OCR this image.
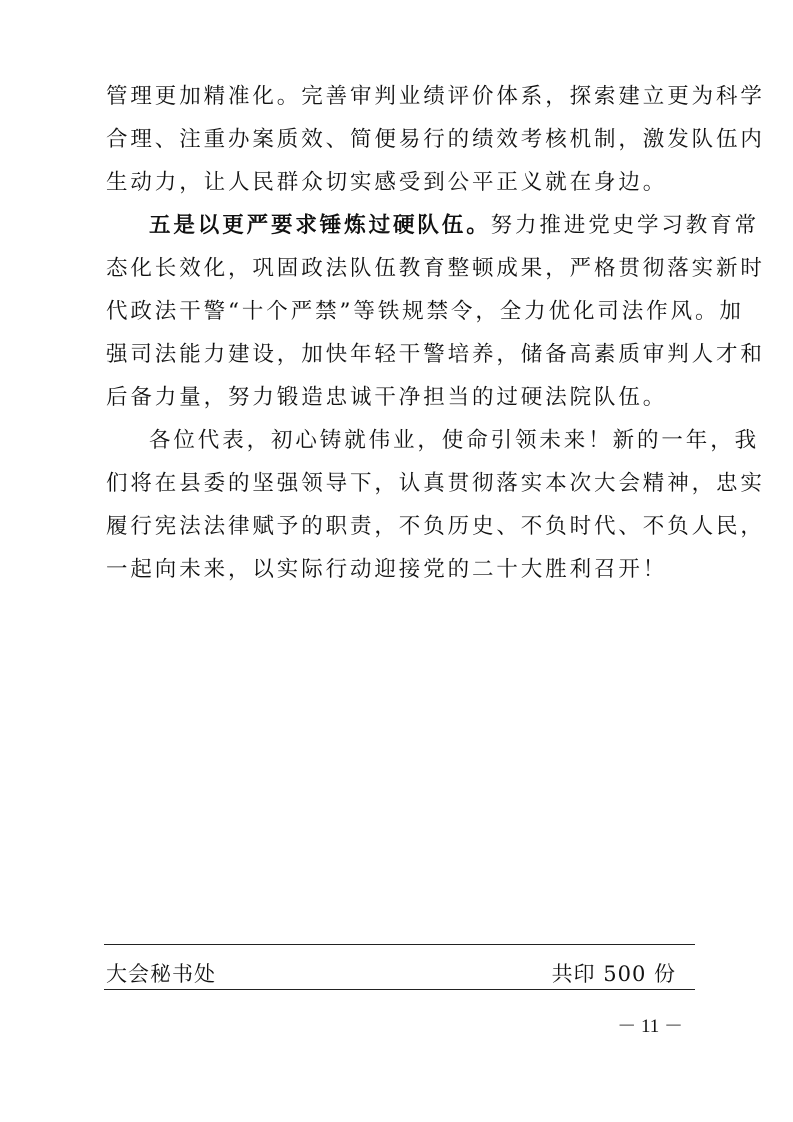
管理更加精准化。完善审判业绩评价体系，探索建立更为科学
合理、注重办案质效、简便易行的绩效考核机制，激发队伍内
生动力，让人民群众切实感受到公平正义就在身边。
五是以更严要求锤炼过硬队伍。努力推进党史学习教育常
态化长效化，巩固政法队伍教育整顿成果，严格贯彻落实新时
代政法干警“十个严禁”等铁规禁令，全力优化司法作风。加
强司法能力建设，加快年轻干警培养，储备高素质审判人才和
后备力量，努力锻造忠诚干净担当的过硬法院队伍。
各位代表，初心铸就伟业，使命引领未来！新的一年，我
们将在县委的坚强领导下，认真贯彻落实本次大会精神，忠实
履行宪法法律赋予的职责，不负历史、不负时代、不负人民，
一起向未来，以实际行动迎接党的二十大胜利召开！
大会秘书处	共印 500 份
－ 11 －
